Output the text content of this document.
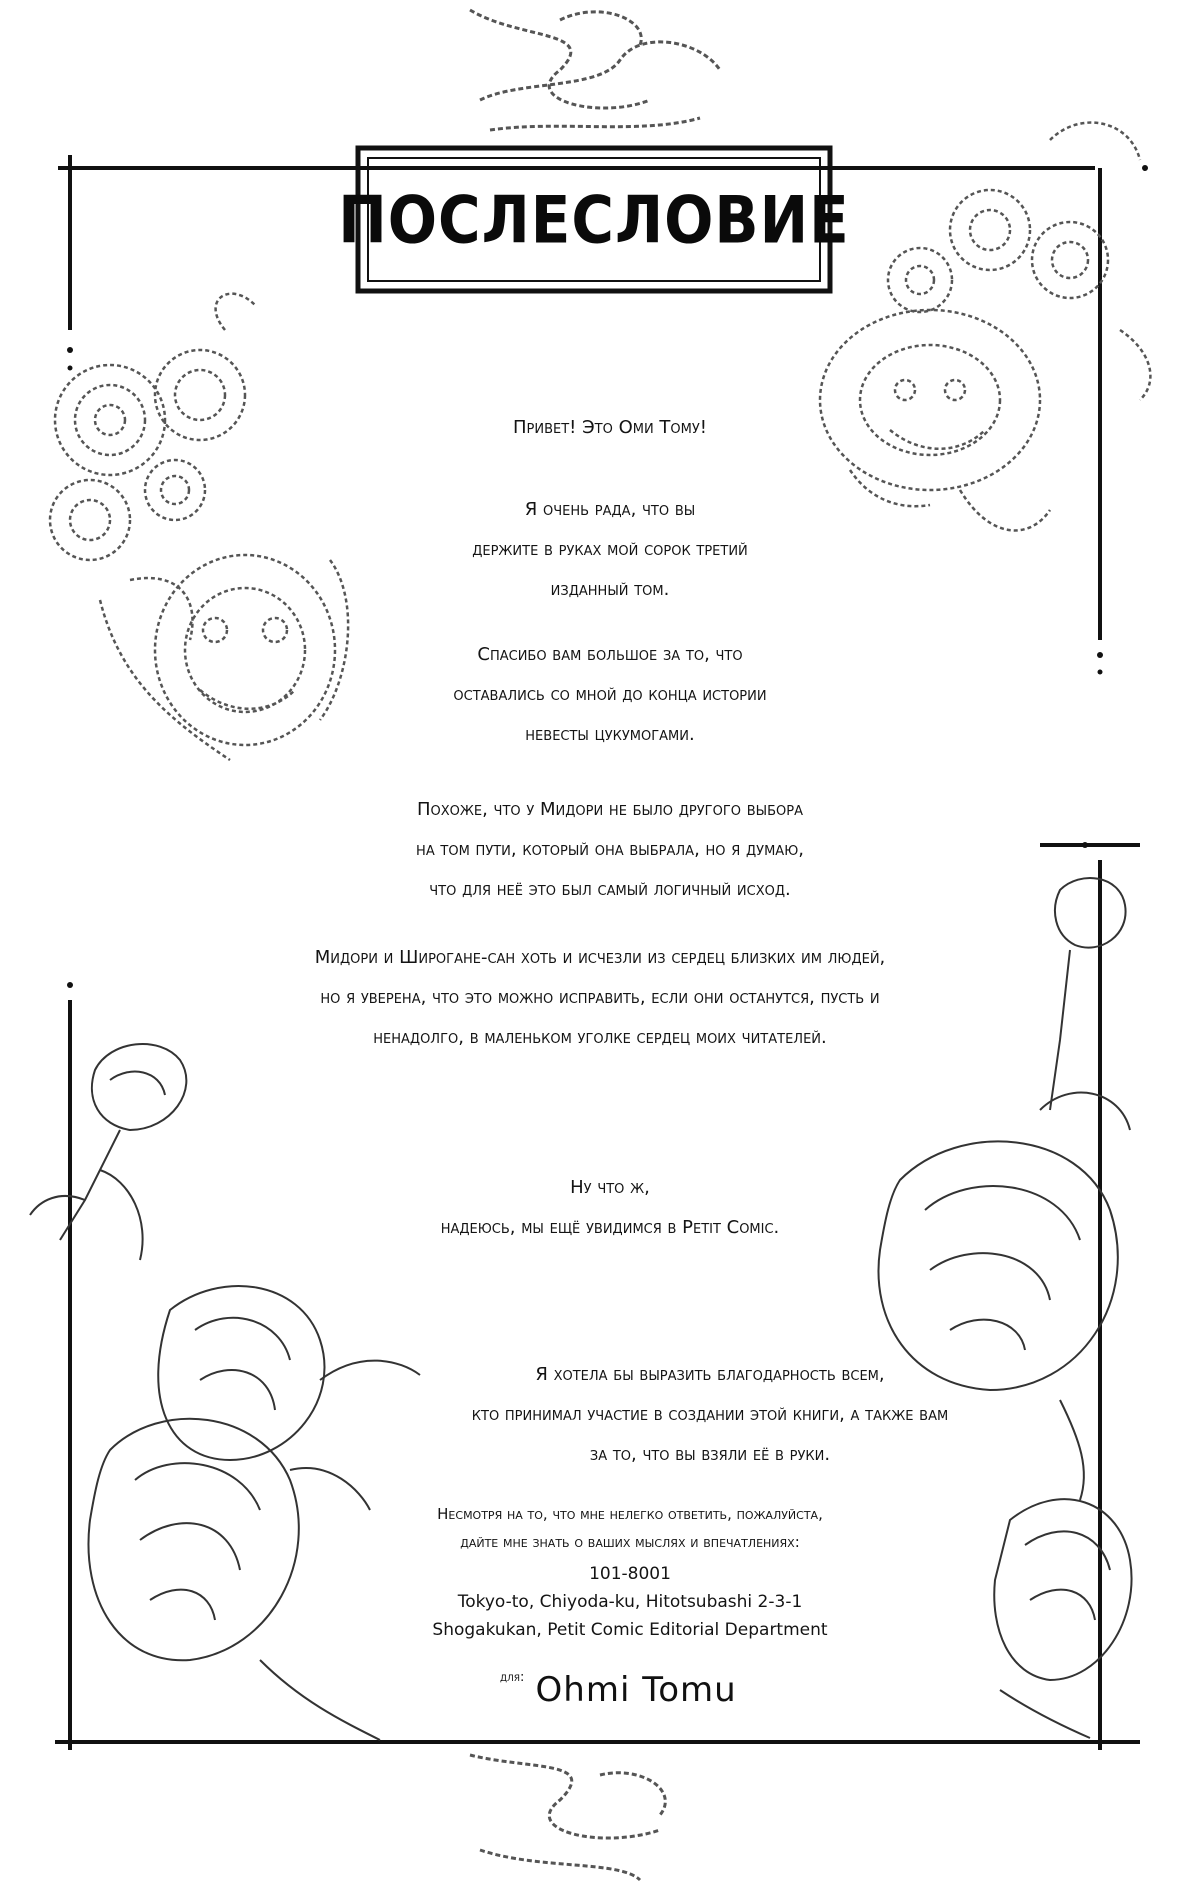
ПОСЛЕСЛОВИЕ
Привет! Это Оми Тому!
Я очень рада, что вы
держите в руках мой сорок третий
изданный том.
Спасибо вам большое за то, что
оставались со мной до конца истории
невесты цукумогами.
Похоже, что у Мидори не было другого выбора
на том пути, который она выбрала, но я думаю,
что для неё это был самый логичный исход.
Мидори и Широгане-сан хоть и исчезли из сердец близких им людей,
но я уверена, что это можно исправить, если они останутся, пусть и
ненадолго, в маленьком уголке сердец моих читателей.
Ну что ж,
надеюсь, мы ещё увидимся в Petit Comic.
Я хотела бы выразить благодарность всем,
кто принимал участие в создании этой книги, а также вам
за то, что вы взяли её в руки.
Несмотря на то, что мне нелегко ответить, пожалуйста,
дайте мне знать о ваших мыслях и впечатлениях:
101-8001
Tokyo-to, Chiyoda-ku, Hitotsubashi 2-3-1
Shogakukan, Petit Comic Editorial Department
$^{для:}$ Ohmi Tomu
